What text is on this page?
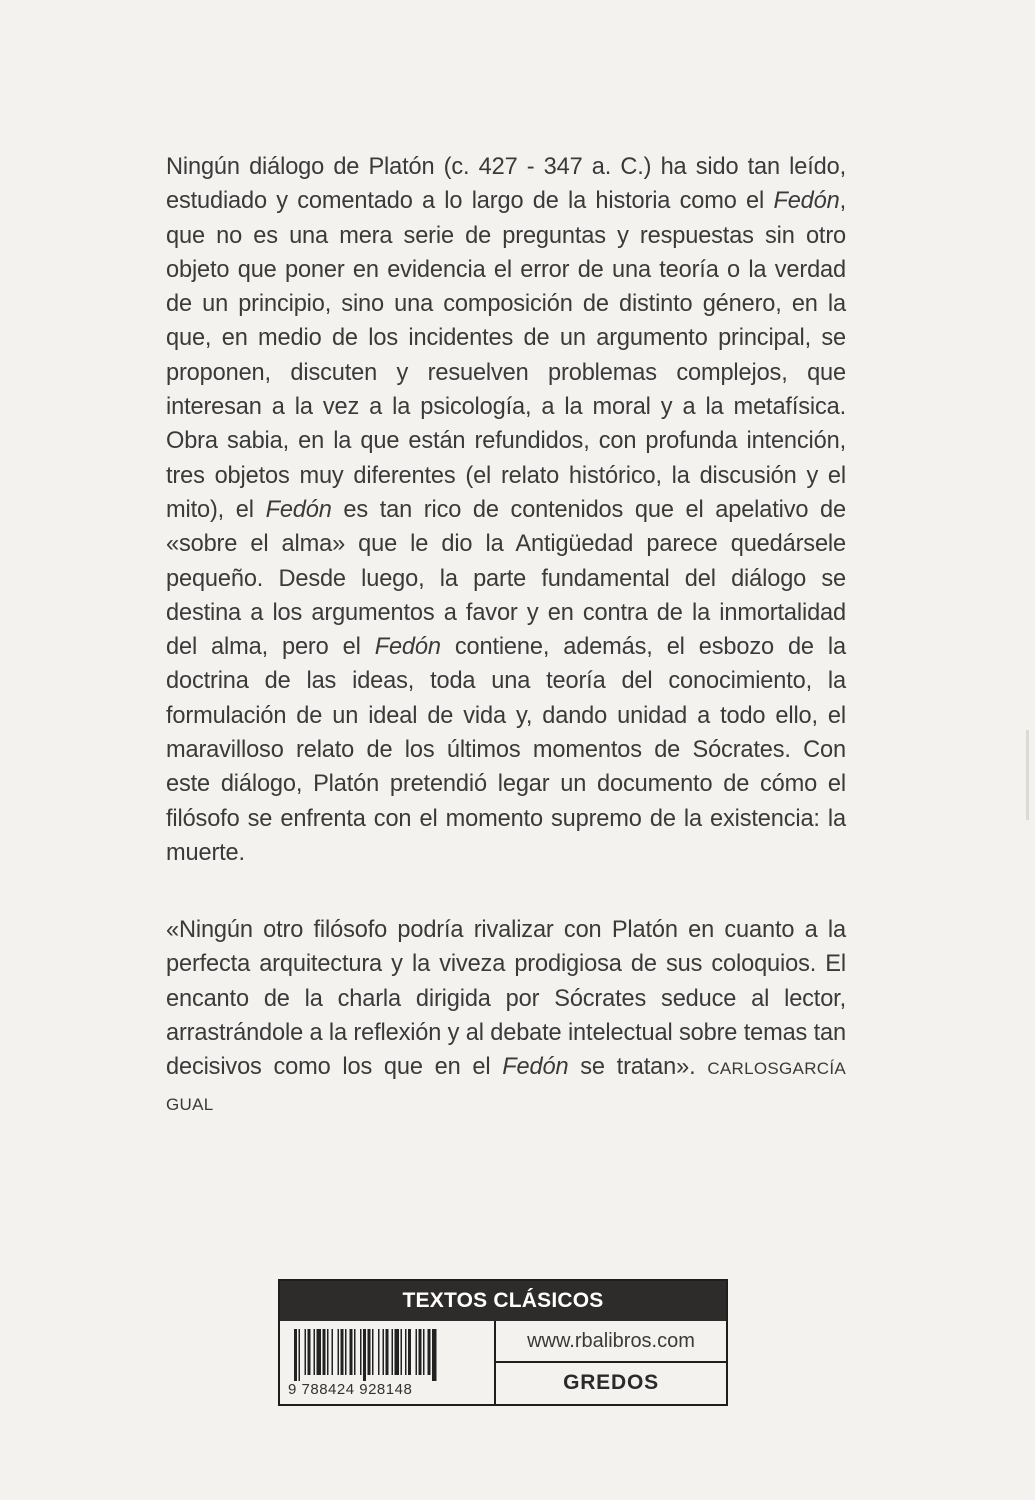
Ningún diálogo de Platón (c. 427 - 347 a. C.) ha sido tan leído, estudiado y comentado a lo largo de la historia como el Fedón, que no es una mera serie de preguntas y respuestas sin otro objeto que poner en evidencia el error de una teoría o la verdad de un principio, sino una composición de distinto género, en la que, en medio de los incidentes de un argumento principal, se proponen, discuten y resuelven problemas complejos, que interesan a la vez a la psicología, a la moral y a la metafísica. Obra sabia, en la que están refundidos, con profunda intención, tres objetos muy diferentes (el relato histórico, la discusión y el mito), el Fedón es tan rico de contenidos que el apelativo de «sobre el alma» que le dio la Antigüedad parece quedársele pequeño. Desde luego, la parte fundamental del diálogo se destina a los argumentos a favor y en contra de la inmortalidad del alma, pero el Fedón contiene, además, el esbozo de la doctrina de las ideas, toda una teoría del conocimiento, la formulación de un ideal de vida y, dando unidad a todo ello, el maravilloso relato de los últimos momentos de Sócrates. Con este diálogo, Platón pretendió legar un documento de cómo el filósofo se enfrenta con el momento supremo de la existencia: la muerte.

«Ningún otro filósofo podría rivalizar con Platón en cuanto a la perfecta arquitectura y la viveza prodigiosa de sus coloquios. El encanto de la charla dirigida por Sócrates seduce al lector, arrastrándole a la reflexión y al debate intelectual sobre temas tan decisivos como los que en el Fedón se tratan». CARLOSGARCÍA GUAL

TEXTOS CLÁSICOS
9 788424 928148
www.rbalibros.com
GREDOS
